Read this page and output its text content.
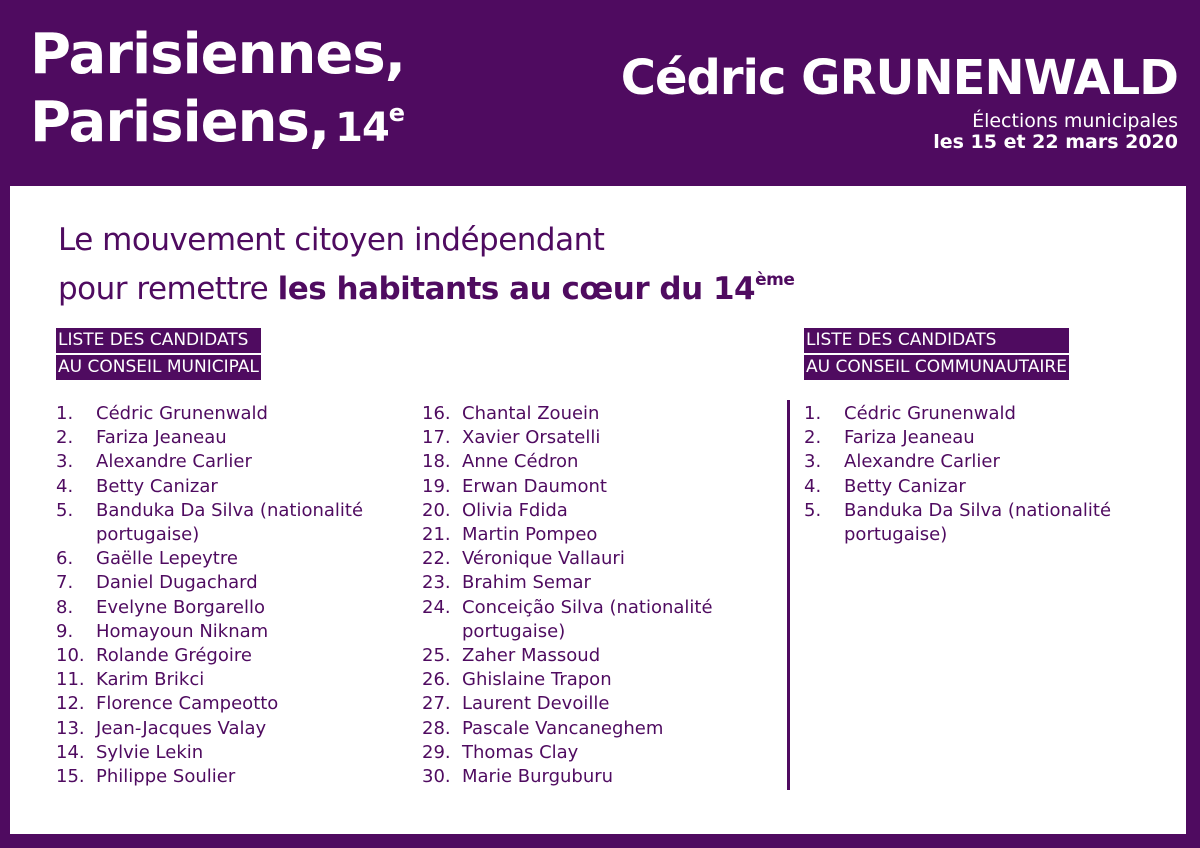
Parisiennes,
Parisiens, 14e
Cédric GRUNENWALD
Élections municipales
les 15 et 22 mars 2020

Le mouvement citoyen indépendant
pour remettre les habitants au cœur du 14ème

LISTE DES CANDIDATS
AU CONSEIL MUNICIPAL
1.	Cédric Grunenwald
2.	Fariza Jeaneau
3.	Alexandre Carlier
4.	Betty Canizar
5.	Banduka Da Silva (nationalité portugaise)
6.	Gaëlle Lepeytre
7.	Daniel Dugachard
8.	Evelyne Borgarello
9.	Homayoun Niknam
10. Rolande Grégoire
11. Karim Brikci
12. Florence Campeotto
13. Jean-Jacques Valay
14. Sylvie Lekin
15. Philippe Soulier
16. Chantal Zouein
17. Xavier Orsatelli
18. Anne Cédron
19. Erwan Daumont
20. Olivia Fdida
21. Martin Pompeo
22. Véronique Vallauri
23. Brahim Semar
24. Conceição Silva (nationalité portugaise)
25. Zaher Massoud
26. Ghislaine Trapon
27. Laurent Devoille
28. Pascale Vancaneghem
29. Thomas Clay
30. Marie Burguburu
LISTE DES CANDIDATS
AU CONSEIL COMMUNAUTAIRE
1.	Cédric Grunenwald
2.	Fariza Jeaneau
3.	Alexandre Carlier
4.	Betty Canizar
5.	Banduka Da Silva (nationalité portugaise)
